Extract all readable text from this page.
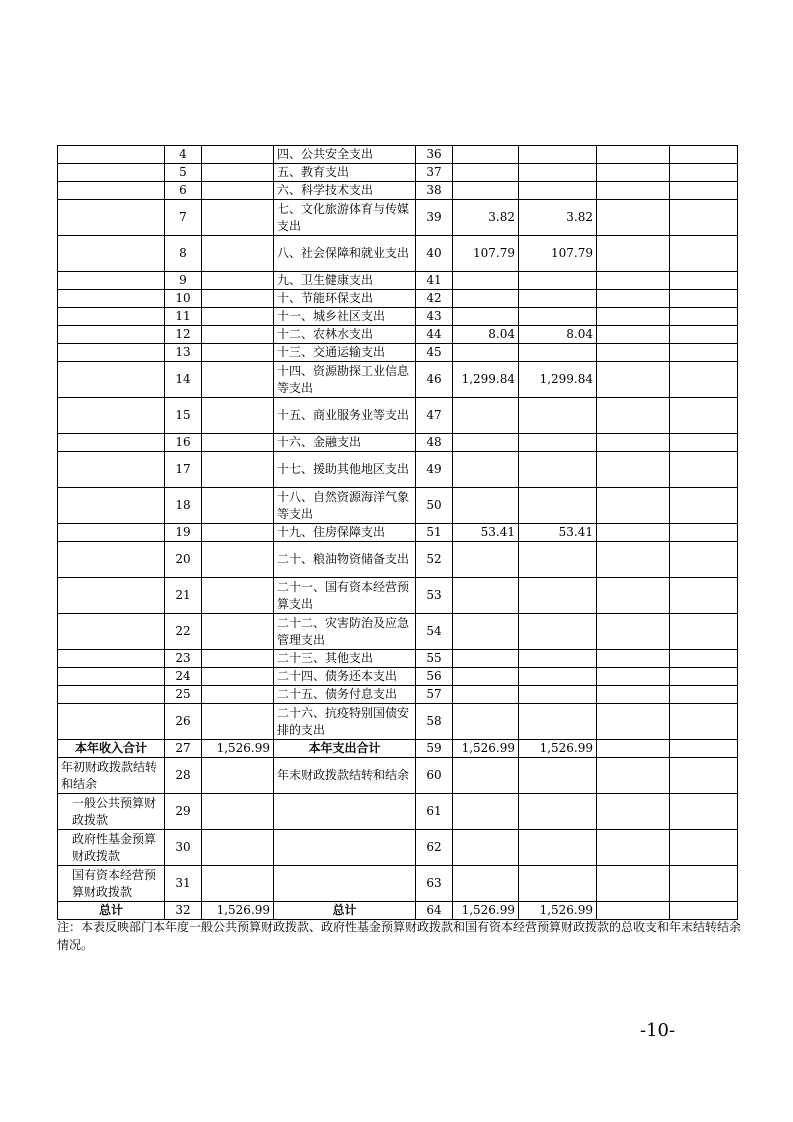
	4		四、公共安全支出	36				
	5		五、教育支出	37				
	6		六、科学技术支出	38				
	7		七、文化旅游体育与传媒支出	39	3.82	3.82		
	8		八、社会保障和就业支出	40	107.79	107.79		
	9		九、卫生健康支出	41				
	10		十、节能环保支出	42				
	11		十一、城乡社区支出	43				
	12		十二、农林水支出	44	8.04	8.04		
	13		十三、交通运输支出	45				
	14		十四、资源勘探工业信息等支出	46	1,299.84	1,299.84		
	15		十五、商业服务业等支出	47				
	16		十六、金融支出	48				
	17		十七、援助其他地区支出	49				
	18		十八、自然资源海洋气象等支出	50				
	19		十九、住房保障支出	51	53.41	53.41		
	20		二十、粮油物资储备支出	52				
	21		二十一、国有资本经营预算支出	53				
	22		二十二、灾害防治及应急管理支出	54				
	23		二十三、其他支出	55				
	24		二十四、债务还本支出	56				
	25		二十五、债务付息支出	57				
	26		二十六、抗疫特别国债安排的支出	58				
本年收入合计	27	1,526.99	本年支出合计	59	1,526.99	1,526.99		
年初财政拨款结转和结余	28		年末财政拨款结转和结余	60				
一般公共预算财政拨款	29			61				
政府性基金预算财政拨款	30			62				
国有资本经营预算财政拨款	31			63				
总计	32	1,526.99	总计	64	1,526.99	1,526.99		

注：本表反映部门本年度一般公共预算财政拨款、政府性基金预算财政拨款和国有资本经营预算财政拨款的总收支和年末结转结余情况。

-10-
